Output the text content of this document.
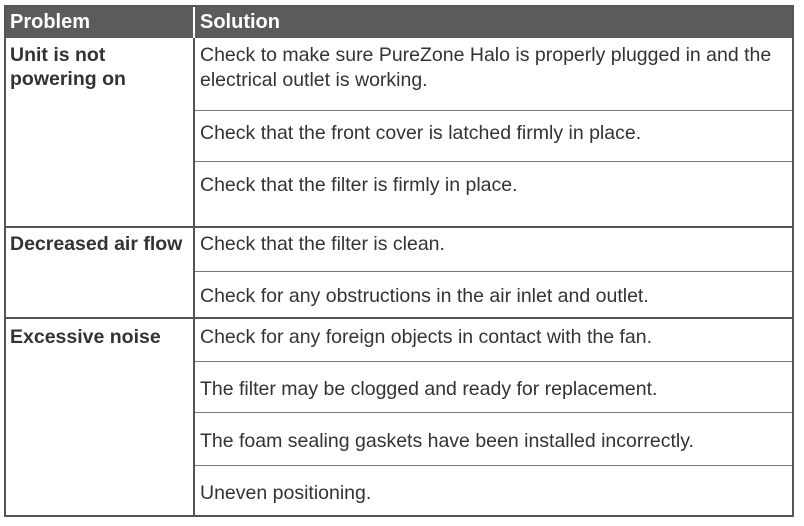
Problem	Solution
Unit is not powering on
Check to make sure PureZone Halo is properly plugged in and the electrical outlet is working.
Check that the front cover is latched firmly in place.
Check that the filter is firmly in place.
Decreased air flow Check that the filter is clean.
Check for any obstructions in the air inlet and outlet.
Excessive noise	Check for any foreign objects in contact with the fan.
The filter may be clogged and ready for replacement.
The foam sealing gaskets have been installed incorrectly.
Uneven positioning.
